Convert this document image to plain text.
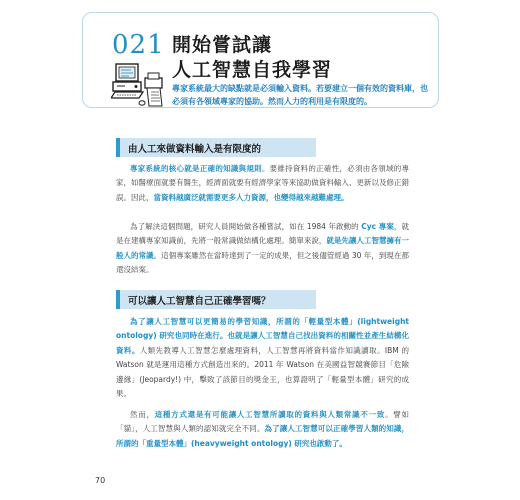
021 開始嘗試讓
人工智慧自我學習
專家系統最大的缺點就是必須輸入資料。若要建立一個有效的資料庫，也必須有各領域專家的協助。然而人力的利用是有限度的。
由人工來做資料輸入是有限度的
專家系統的核心就是正確的知識與規則。要維持資料的正確性，必須由各領域的專家，如醫療面就要有醫生，經濟面就要有經濟學家等來協助做資料輸入、更新以及修正錯誤。因此，當資料越廣泛就需要更多人力資源，也變得越來越難處理。
為了解決這個問題，研究人員開始做各種嘗試，如在 1984 年啟動的 Cyc 專案，就是在建構專家知識前，先將一般常識做結構化處理。簡單來說，就是先讓人工智慧擁有一般人的常識。這個專案雖然在當時達到了一定的成果，但之後儘管經過 30 年，到現在都還沒結案。
可以讓人工智慧自己正確學習嗎？
為了讓人工智慧可以更簡易的學習知識，所謂的「輕量型本體」(lightweight ontology) 研究也同時在進行。也就是讓人工智慧自己找出資料的相關性並產生結構化資料。人類先教導人工智慧怎麼處理資料，人工智慧再將資料當作知識讀取。IBM 的 Watson 就是運用這種方式創造出來的。2011 年 Watson 在美國益智競賽節目「危險邊緣」(Jeopardy!) 中，擊敗了該節目的獎金王，也算證明了「輕量型本體」研究的成果。
然而，這種方式還是有可能讓人工智慧所讀取的資料與人類常識不一致。譬如「貓」，人工智慧與人類的認知就完全不同。為了讓人工智慧可以正確學習人類的知識，所謂的「重量型本體」(heavyweight ontology) 研究也啟動了。
70
